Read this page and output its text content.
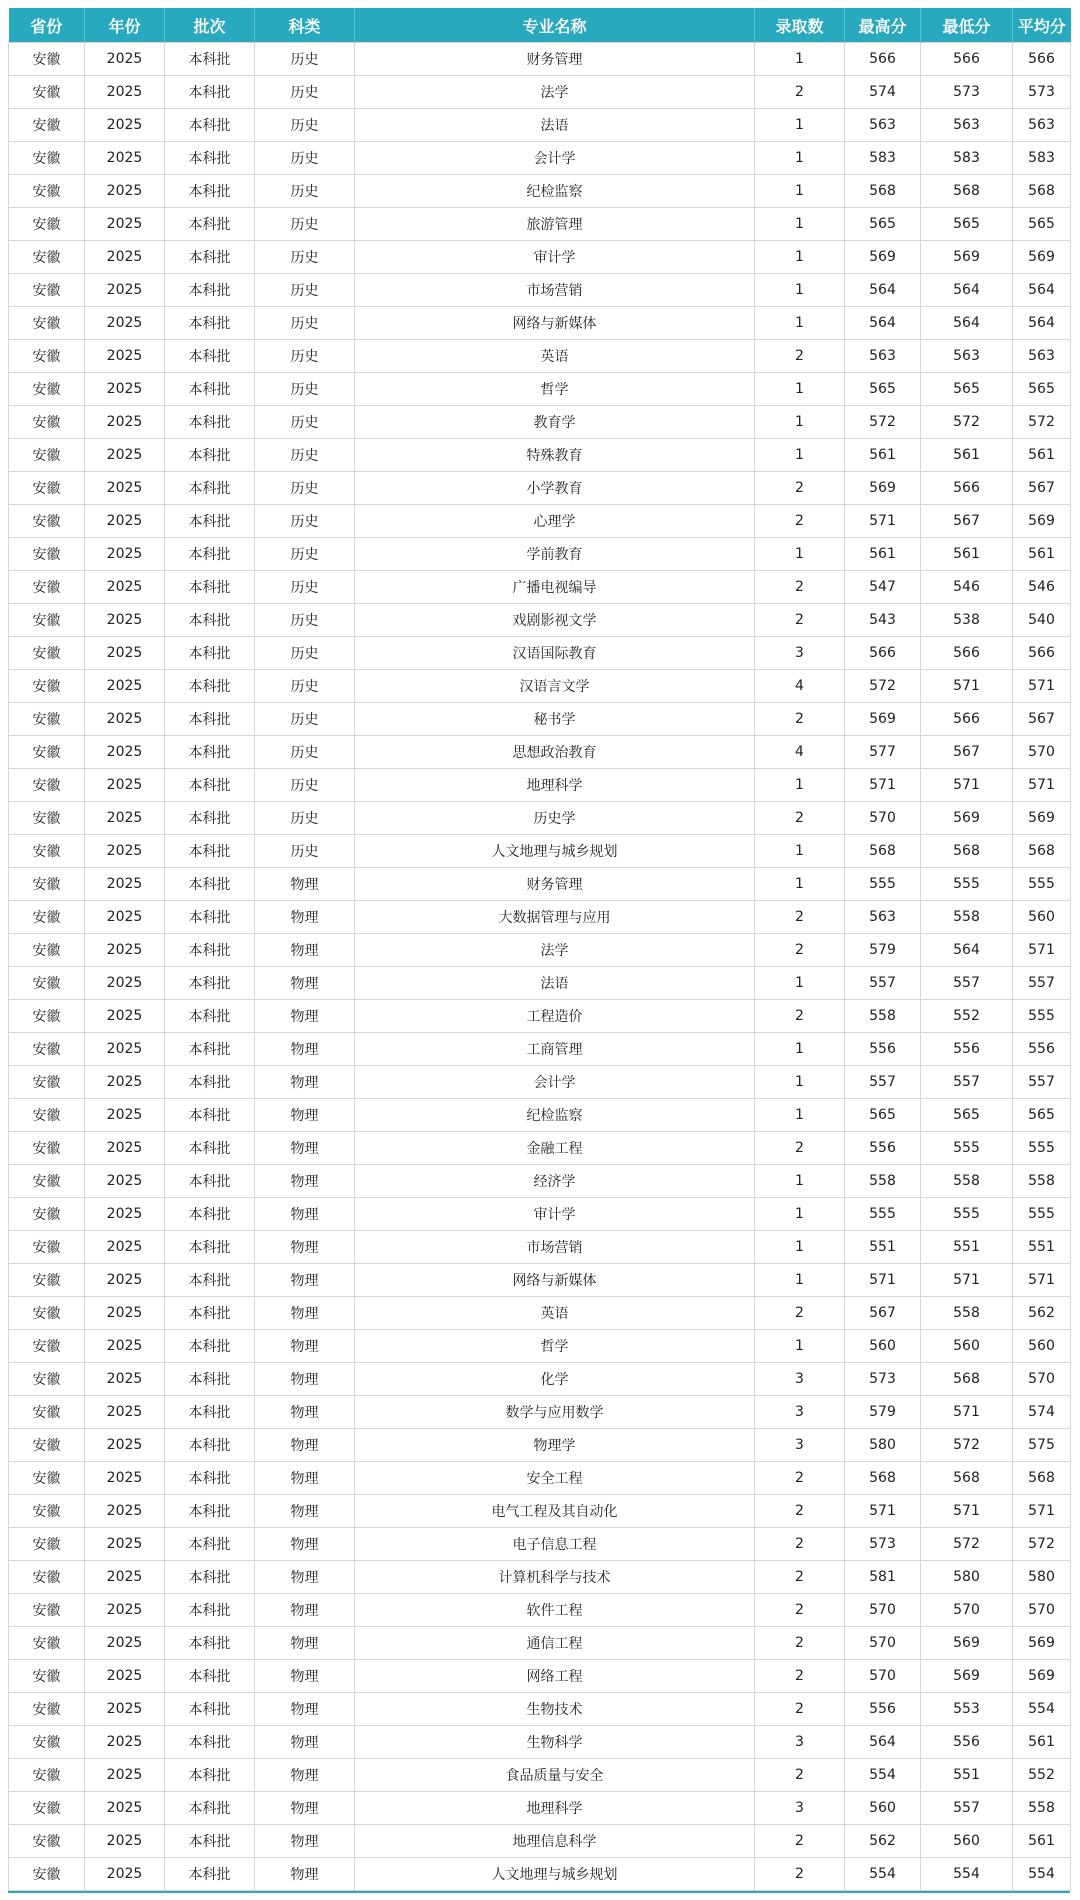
省份	年份	批次	科类	专业名称	录取数	最高分	最低分	平均分
安徽	2025	本科批	历史	财务管理	1	566	566	566
安徽	2025	本科批	历史	法学	2	574	573	573
安徽	2025	本科批	历史	法语	1	563	563	563
安徽	2025	本科批	历史	会计学	1	583	583	583
安徽	2025	本科批	历史	纪检监察	1	568	568	568
安徽	2025	本科批	历史	旅游管理	1	565	565	565
安徽	2025	本科批	历史	审计学	1	569	569	569
安徽	2025	本科批	历史	市场营销	1	564	564	564
安徽	2025	本科批	历史	网络与新媒体	1	564	564	564
安徽	2025	本科批	历史	英语	2	563	563	563
安徽	2025	本科批	历史	哲学	1	565	565	565
安徽	2025	本科批	历史	教育学	1	572	572	572
安徽	2025	本科批	历史	特殊教育	1	561	561	561
安徽	2025	本科批	历史	小学教育	2	569	566	567
安徽	2025	本科批	历史	心理学	2	571	567	569
安徽	2025	本科批	历史	学前教育	1	561	561	561
安徽	2025	本科批	历史	广播电视编导	2	547	546	546
安徽	2025	本科批	历史	戏剧影视文学	2	543	538	540
安徽	2025	本科批	历史	汉语国际教育	3	566	566	566
安徽	2025	本科批	历史	汉语言文学	4	572	571	571
安徽	2025	本科批	历史	秘书学	2	569	566	567
安徽	2025	本科批	历史	思想政治教育	4	577	567	570
安徽	2025	本科批	历史	地理科学	1	571	571	571
安徽	2025	本科批	历史	历史学	2	570	569	569
安徽	2025	本科批	历史	人文地理与城乡规划	1	568	568	568
安徽	2025	本科批	物理	财务管理	1	555	555	555
安徽	2025	本科批	物理	大数据管理与应用	2	563	558	560
安徽	2025	本科批	物理	法学	2	579	564	571
安徽	2025	本科批	物理	法语	1	557	557	557
安徽	2025	本科批	物理	工程造价	2	558	552	555
安徽	2025	本科批	物理	工商管理	1	556	556	556
安徽	2025	本科批	物理	会计学	1	557	557	557
安徽	2025	本科批	物理	纪检监察	1	565	565	565
安徽	2025	本科批	物理	金融工程	2	556	555	555
安徽	2025	本科批	物理	经济学	1	558	558	558
安徽	2025	本科批	物理	审计学	1	555	555	555
安徽	2025	本科批	物理	市场营销	1	551	551	551
安徽	2025	本科批	物理	网络与新媒体	1	571	571	571
安徽	2025	本科批	物理	英语	2	567	558	562
安徽	2025	本科批	物理	哲学	1	560	560	560
安徽	2025	本科批	物理	化学	3	573	568	570
安徽	2025	本科批	物理	数学与应用数学	3	579	571	574
安徽	2025	本科批	物理	物理学	3	580	572	575
安徽	2025	本科批	物理	安全工程	2	568	568	568
安徽	2025	本科批	物理	电气工程及其自动化	2	571	571	571
安徽	2025	本科批	物理	电子信息工程	2	573	572	572
安徽	2025	本科批	物理	计算机科学与技术	2	581	580	580
安徽	2025	本科批	物理	软件工程	2	570	570	570
安徽	2025	本科批	物理	通信工程	2	570	569	569
安徽	2025	本科批	物理	网络工程	2	570	569	569
安徽	2025	本科批	物理	生物技术	2	556	553	554
安徽	2025	本科批	物理	生物科学	3	564	556	561
安徽	2025	本科批	物理	食品质量与安全	2	554	551	552
安徽	2025	本科批	物理	地理科学	3	560	557	558
安徽	2025	本科批	物理	地理信息科学	2	562	560	561
安徽	2025	本科批	物理	人文地理与城乡规划	2	554	554	554
